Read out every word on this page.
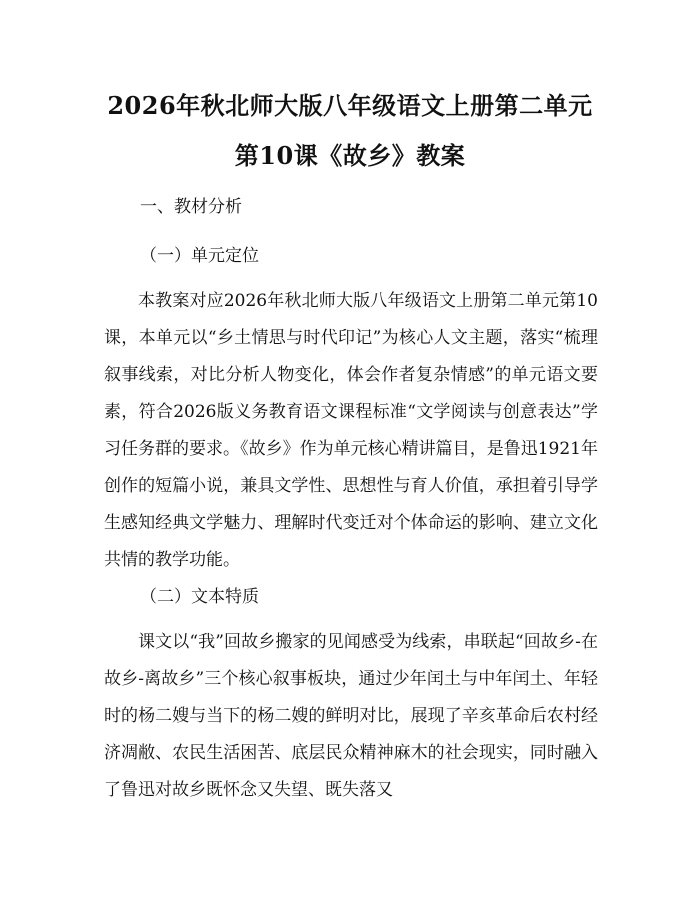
2026年秋北师大版八年级语文上册第二单元
第10课《故乡》教案
一、教材分析
（一）单元定位

本教案对应2026年秋北师大版八年级语文上册第二单元第10课，本单元以“乡土情思与时代印记”为核心人文主题，落实“梳理叙事线索，对比分析人物变化，体会作者复杂情感”的单元语文要素，符合2026版义务教育语文课程标准“文学阅读与创意表达”学习任务群的要求。《故乡》作为单元核心精讲篇目，是鲁迅1921年创作的短篇小说，兼具文学性、思想性与育人价值，承担着引导学生感知经典文学魅力、理解时代变迁对个体命运的影响、建立文化共情的教学功能。

（二）文本特质

课文以“我”回故乡搬家的见闻感受为线索，串联起“回故乡-在故乡-离故乡”三个核心叙事板块，通过少年闰土与中年闰土、年轻时的杨二嫂与当下的杨二嫂的鲜明对比，展现了辛亥革命后农村经济凋敝、农民生活困苦、底层民众精神麻木的社会现实，同时融入了鲁迅对故乡既怀念又失望、既失落又
